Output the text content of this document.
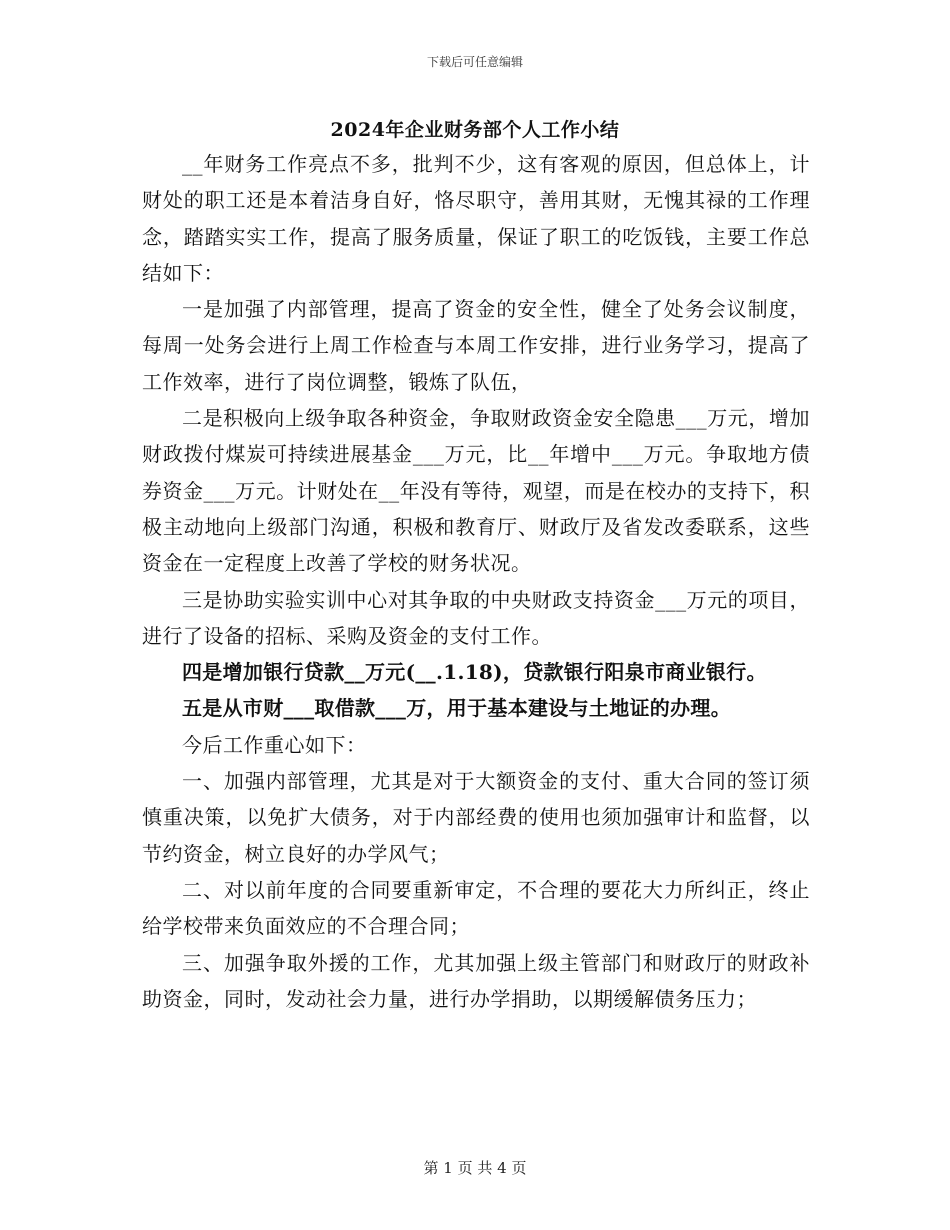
下载后可任意编辑
2024年企业财务部个人工作小结

__年财务工作亮点不多，批判不少，这有客观的原因，但总体上，计财处的职工还是本着洁身自好，恪尽职守，善用其财，无愧其禄的工作理念，踏踏实实工作，提高了服务质量，保证了职工的吃饭钱，主要工作总结如下：

一是加强了内部管理，提高了资金的安全性，健全了处务会议制度，每周一处务会进行上周工作检查与本周工作安排，进行业务学习，提高了工作效率，进行了岗位调整，锻炼了队伍，

二是积极向上级争取各种资金，争取财政资金安全隐患___万元，增加财政拨付煤炭可持续进展基金___万元，比__年增中___万元。争取地方债券资金___万元。计财处在__年没有等待，观望，而是在校办的支持下，积极主动地向上级部门沟通，积极和教育厅、财政厅及省发改委联系，这些资金在一定程度上改善了学校的财务状况。

三是协助实验实训中心对其争取的中央财政支持资金___万元的项目，进行了设备的招标、采购及资金的支付工作。

四是增加银行贷款__万元(__.1.18)，贷款银行阳泉市商业银行。

五是从市财___取借款___万，用于基本建设与土地证的办理。

今后工作重心如下：

一、加强内部管理，尤其是对于大额资金的支付、重大合同的签订须慎重决策，以免扩大债务，对于内部经费的使用也须加强审计和监督，以节约资金，树立良好的办学风气；

二、对以前年度的合同要重新审定，不合理的要花大力所纠正，终止给学校带来负面效应的不合理合同；

三、加强争取外援的工作，尤其加强上级主管部门和财政厅的财政补助资金，同时，发动社会力量，进行办学捐助，以期缓解债务压力；

第 1 页 共 4 页
